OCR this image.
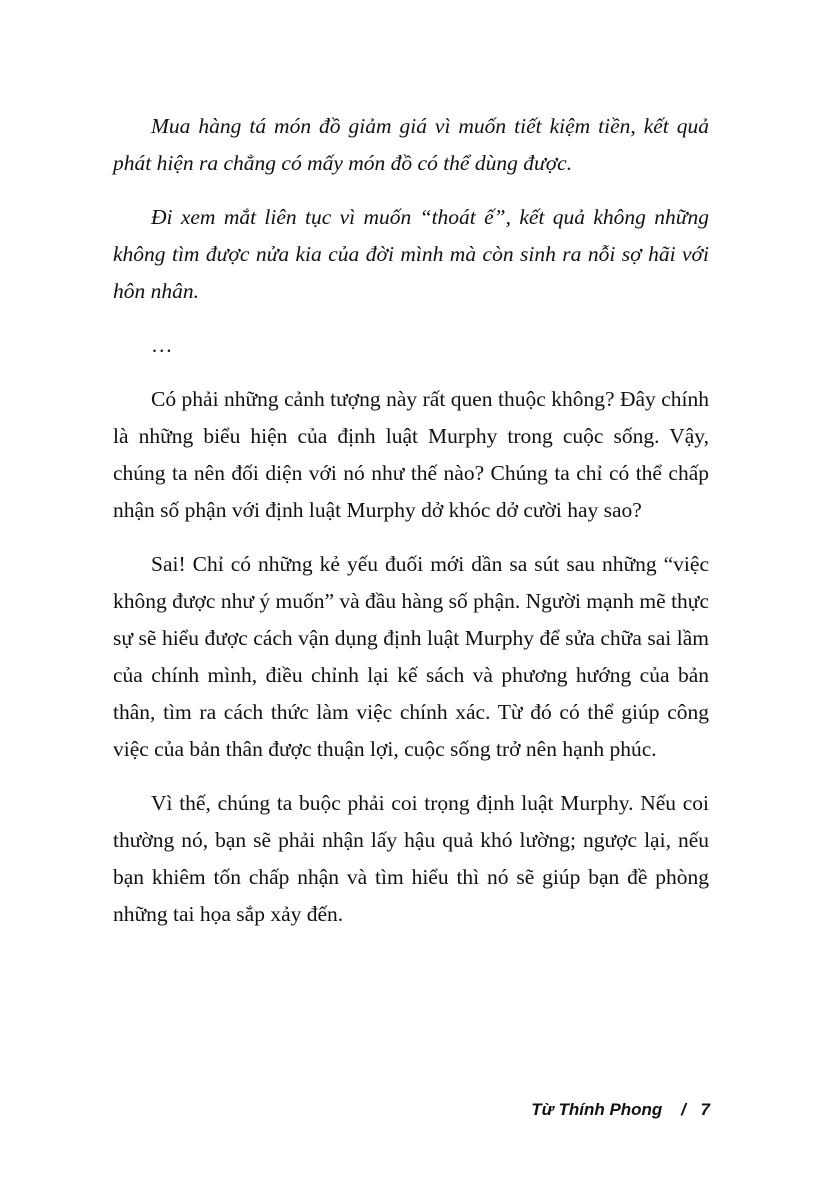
Mua hàng tá món đồ giảm giá vì muốn tiết kiệm tiền, kết quả phát hiện ra chẳng có mấy món đồ có thể dùng được.

Đi xem mắt liên tục vì muốn “thoát ế”, kết quả không những không tìm được nửa kia của đời mình mà còn sinh ra nỗi sợ hãi với hôn nhân.

…

Có phải những cảnh tượng này rất quen thuộc không? Đây chính là những biểu hiện của định luật Murphy trong cuộc sống. Vậy, chúng ta nên đối diện với nó như thế nào? Chúng ta chỉ có thể chấp nhận số phận với định luật Murphy dở khóc dở cười hay sao?

Sai! Chỉ có những kẻ yếu đuối mới dần sa sút sau những “việc không được như ý muốn” và đầu hàng số phận. Người mạnh mẽ thực sự sẽ hiểu được cách vận dụng định luật Murphy để sửa chữa sai lầm của chính mình, điều chỉnh lại kế sách và phương hướng của bản thân, tìm ra cách thức làm việc chính xác. Từ đó có thể giúp công việc của bản thân được thuận lợi, cuộc sống trở nên hạnh phúc.

Vì thế, chúng ta buộc phải coi trọng định luật Murphy. Nếu coi thường nó, bạn sẽ phải nhận lấy hậu quả khó lường; ngược lại, nếu bạn khiêm tốn chấp nhận và tìm hiểu thì nó sẽ giúp bạn đề phòng những tai họa sắp xảy đến.

Từ Thính Phong / 7
